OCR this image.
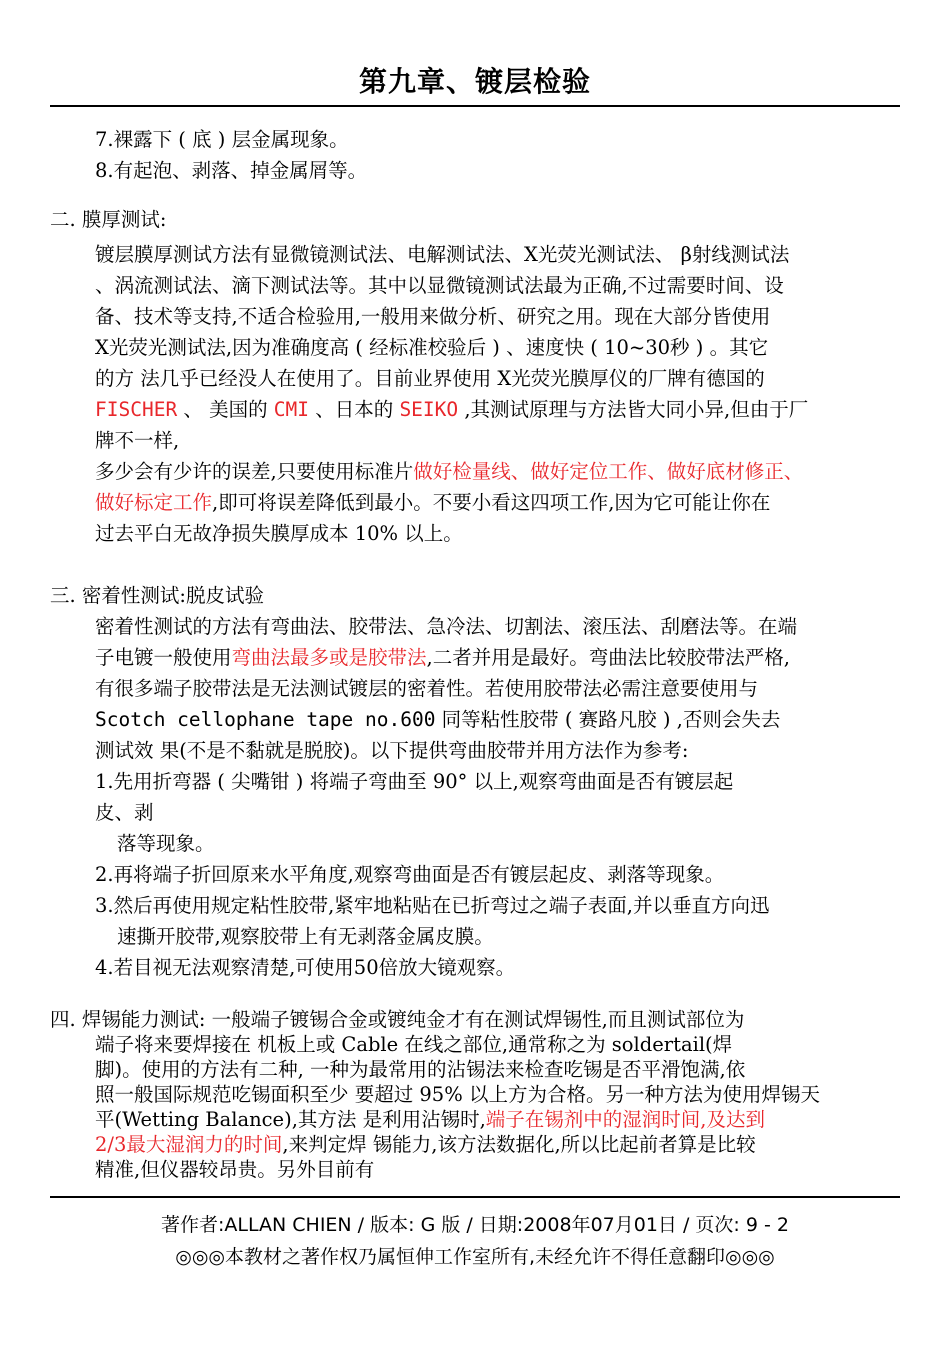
第九章、镀层检验
7.裸露下 ( 底 ) 层金属现象。
8.有起泡、剥落、掉金属屑等。
二. 膜厚测试:
镀层膜厚测试方法有显微镜测试法、电解测试法、X光荧光测试法、 β射线测试法
、涡流测试法、滴下测试法等。其中以显微镜测试法最为正确,不过需要时间、设
备、技术等支持,不适合检验用,一般用来做分析、研究之用。现在大部分皆使用
X光荧光测试法,因为准确度高 ( 经标准校验后 ) 、速度快 ( 10~30秒 ) 。其它
的方 法几乎已经没人在使用了。目前业界使用 X光荧光膜厚仪的厂牌有德国的
FISCHER 、 美国的 CMI 、日本的 SEIKO ,其测试原理与方法皆大同小异,但由于厂
牌不一样,
多少会有少许的误差,只要使用标准片做好检量线、做好定位工作、做好底材修正、
做好标定工作,即可将误差降低到最小。不要小看这四项工作,因为它可能让你在
过去平白无故净损失膜厚成本 10% 以上。
三. 密着性测试:脱皮试验
密着性测试的方法有弯曲法、胶带法、急冷法、切割法、滚压法、刮磨法等。在端
子电镀一般使用弯曲法最多或是胶带法,二者并用是最好。弯曲法比较胶带法严格,
有很多端子胶带法是无法测试镀层的密着性。若使用胶带法必需注意要使用与
Scotch cellophane tape no.600 同等粘性胶带 ( 赛路凡胶 ) ,否则会失去
测试效 果(不是不黏就是脱胶)。以下提供弯曲胶带并用方法作为参考:
1.先用折弯器 ( 尖嘴钳 ) 将端子弯曲至 90° 以上,观察弯曲面是否有镀层起
皮、剥
落等现象。
2.再将端子折回原来水平角度,观察弯曲面是否有镀层起皮、剥落等现象。
3.然后再使用规定粘性胶带,紧牢地粘贴在已折弯过之端子表面,并以垂直方向迅
速撕开胶带,观察胶带上有无剥落金属皮膜。
4.若目视无法观察清楚,可使用50倍放大镜观察。
四. 焊锡能力测试: 一般端子镀锡合金或镀纯金才有在测试焊锡性,而且测试部位为
端子将来要焊接在 机板上或 Cable 在线之部位,通常称之为 soldertail(焊
脚)。使用的方法有二种, 一种为最常用的沾锡法来检查吃锡是否平滑饱满,依
照一般国际规范吃锡面积至少 要超过 95% 以上方为合格。另一种方法为使用焊锡天
平(Wetting Balance),其方法 是利用沾锡时,端子在锡剂中的湿润时间,及达到
2/3最大湿润力的时间,来判定焊 锡能力,该方法数据化,所以比起前者算是比较
精准,但仪器较昂贵。另外目前有
著作者:ALLAN CHIEN / 版本: G 版 / 日期:2008年07月01日 / 页次: 9 - 2
◎◎◎本教材之著作权乃属恒伸工作室所有,未经允许不得任意翻印◎◎◎
